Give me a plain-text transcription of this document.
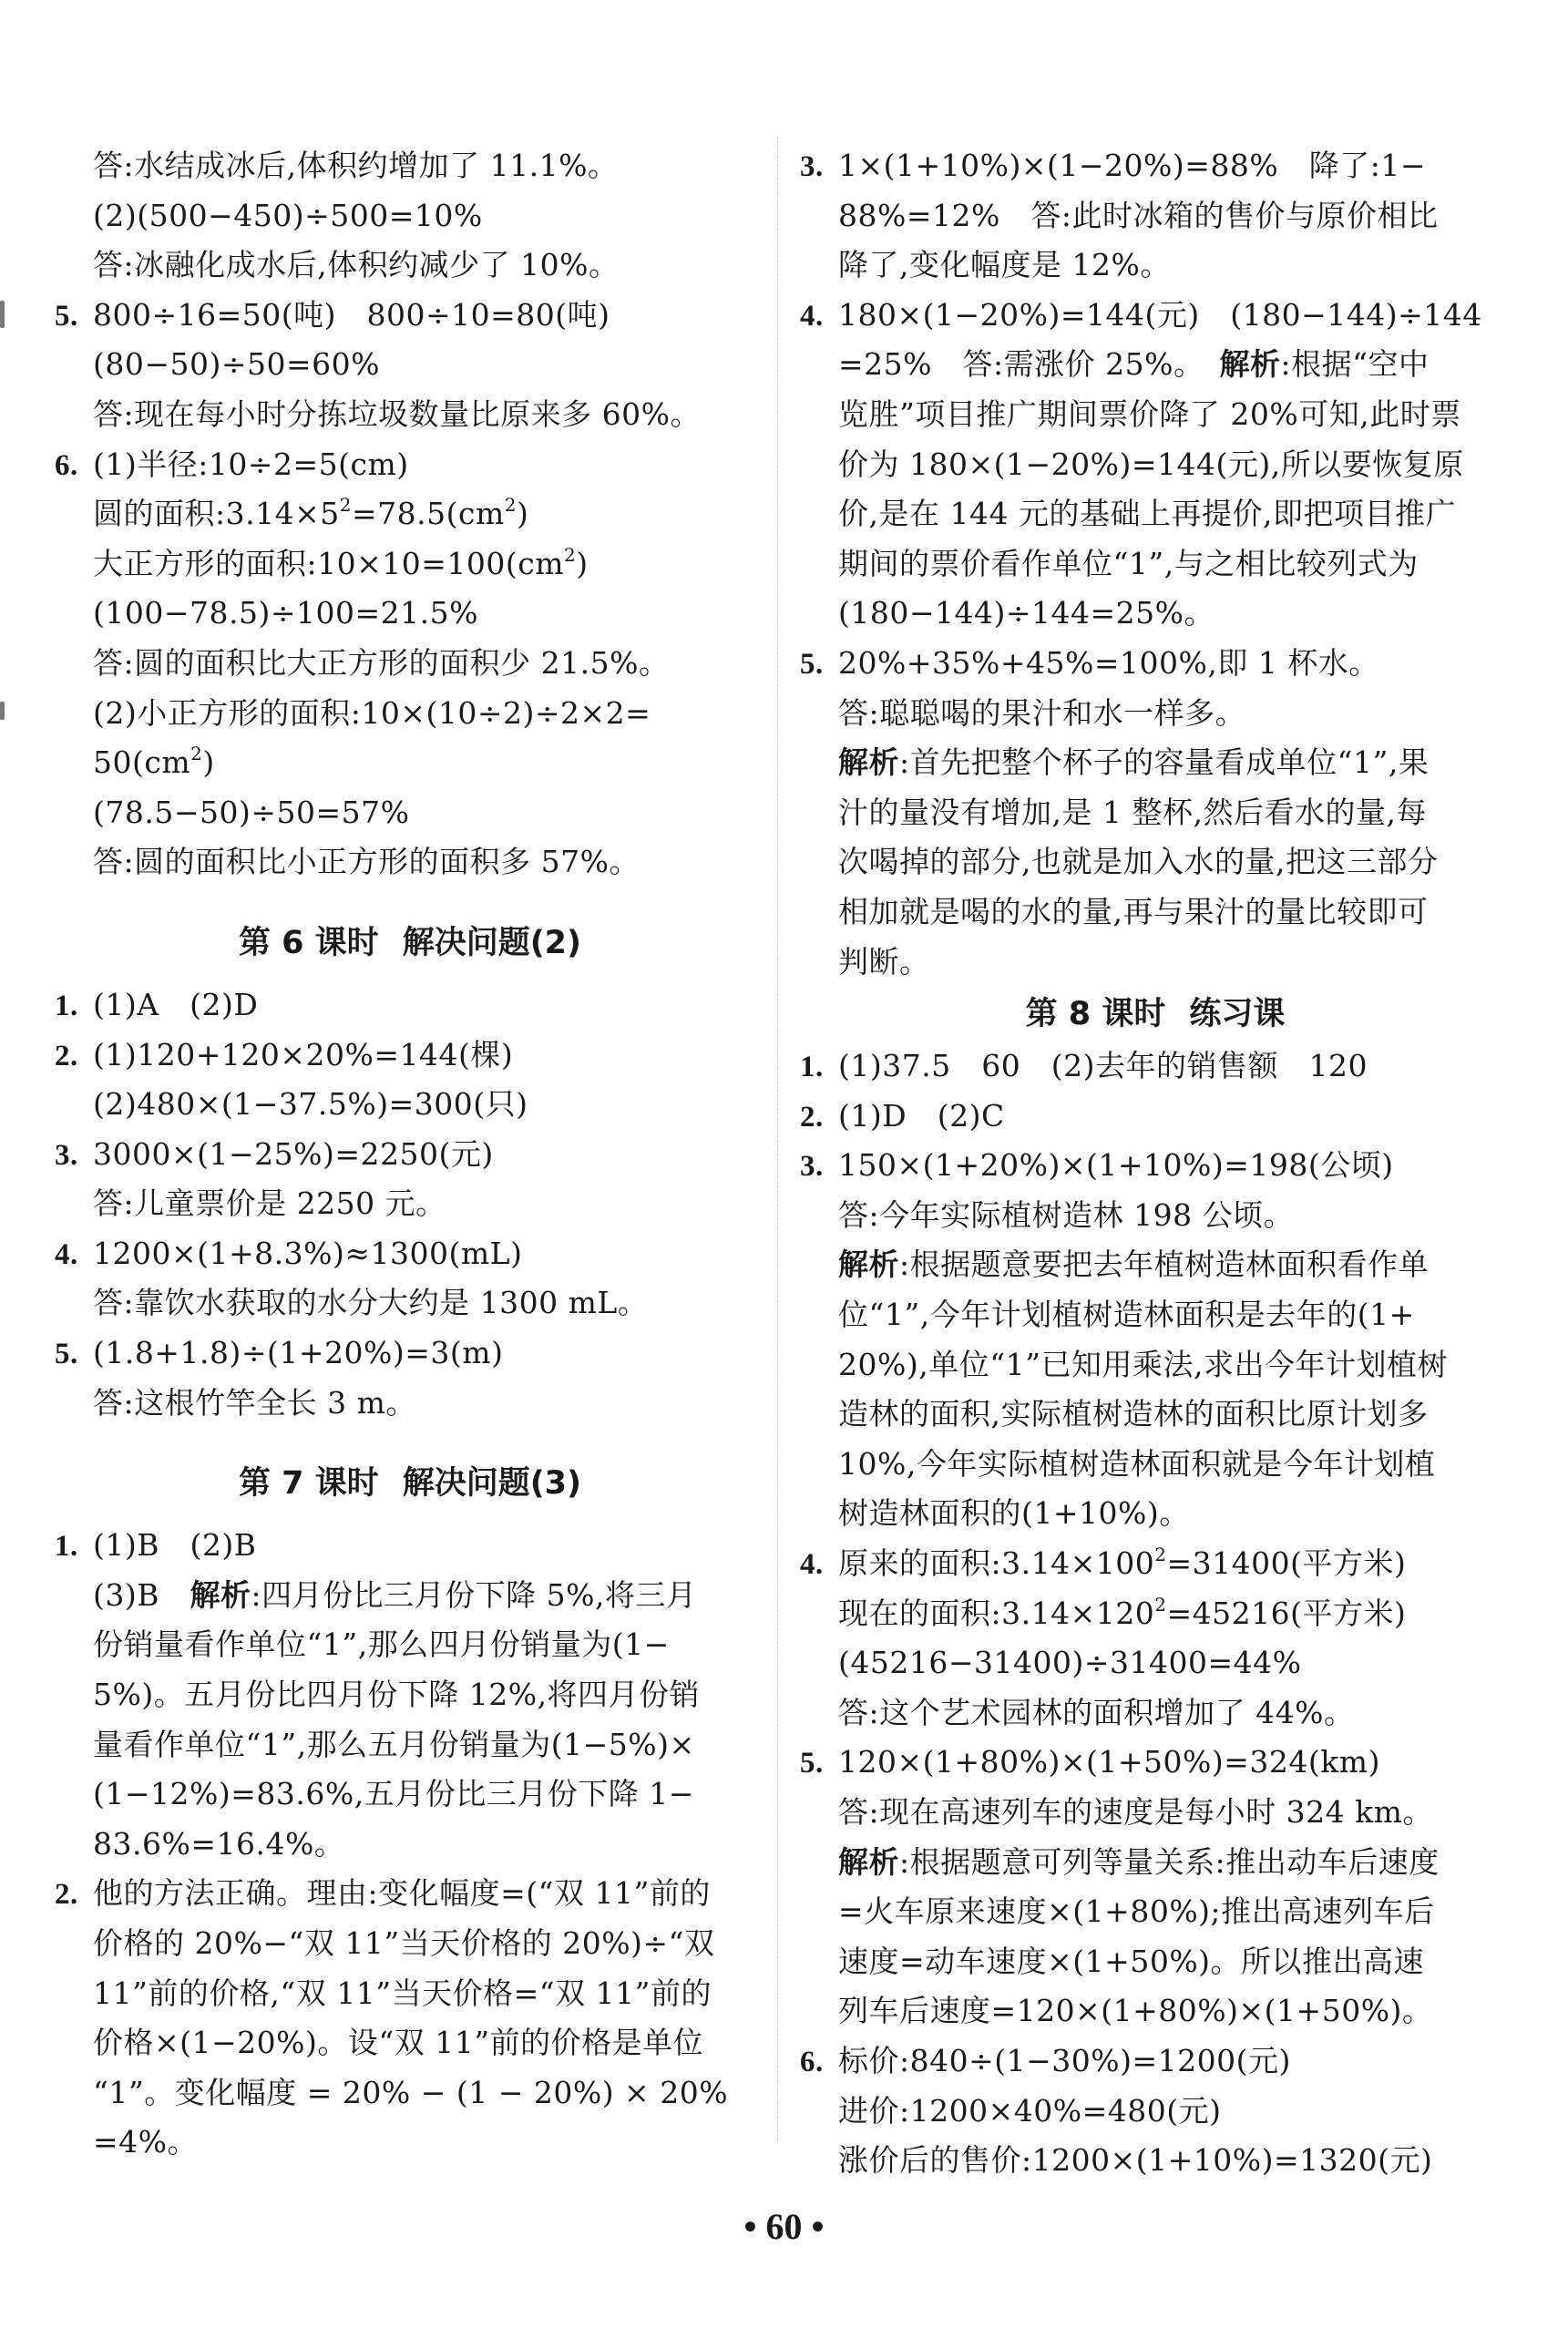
答:水结成冰后,体积约增加了 11.1%。
(2)(500−450)÷500=10%
答:冰融化成水后,体积约减少了 10%。
5. 800÷16=50(吨)　800÷10=80(吨)
(80−50)÷50=60%
答:现在每小时分拣垃圾数量比原来多 60%。
6. (1)半径:10÷2=5(cm)
圆的面积$:3.14\times 5^2=78.5(cm^2)$
大正方形的面积$:10\times 10=100(cm^2)$
(100−78.5)÷100=21.5%
答:圆的面积比大正方形的面积少 21.5%。
(2)小正方形的面积:10×(10÷2)÷2×2=
$50(cm^2)$
(78.5−50)÷50=57%
答:圆的面积比小正方形的面积多 57%。
第 6 课时 解决问题(2)
1. (1)A　(2)D
2. (1)120+120×20%=144(棵)
(2)480×(1−37.5%)=300(只)
3. 3000×(1−25%)=2250(元)
答:儿童票价是 2250 元。
4. 1200×(1+8.3%)≈1300(mL)
答:靠饮水获取的水分大约是 1300 mL。
5. (1.8+1.8)÷(1+20%)=3(m)
答:这根竹竿全长 3 m。
第 7 课时 解决问题(3)
1. (1)B　(2)B
(3)B　解析:四月份比三月份下降 5%,将三月
份销量看作单位“1”,那么四月份销量为(1−
5%)。五月份比四月份下降 12%,将四月份销
量看作单位“1”,那么五月份销量为(1−5%)×
(1−12%)=83.6%,五月份比三月份下降 1−
83.6%=16.4%。
2. 他的方法正确。理由:变化幅度=(“双 11”前的
价格的 20%−“双 11”当天价格的 20%)÷“双
11”前的价格,“双 11”当天价格=“双 11”前的
价格×(1−20%)。设“双 11”前的价格是单位
“1”。变化幅度 = 20% − (1 − 20%) × 20%
=4%。
3. 1×(1+10%)×(1−20%)=88%　降了:1−
88%=12%　答:此时冰箱的售价与原价相比
降了,变化幅度是 12%。
4. 180×(1−20%)=144(元)　(180−144)÷144
=25%　答:需涨价 25%。　解析:根据“空中
览胜”项目推广期间票价降了 20%可知,此时票
价为 180×(1−20%)=144(元),所以要恢复原
价,是在 144 元的基础上再提价,即把项目推广
期间的票价看作单位“1”,与之相比较列式为
(180−144)÷144=25%。
5. 20%+35%+45%=100%,即 1 杯水。
答:聪聪喝的果汁和水一样多。
解析:首先把整个杯子的容量看成单位“1”,果
汁的量没有增加,是 1 整杯,然后看水的量,每
次喝掉的部分,也就是加入水的量,把这三部分
相加就是喝的水的量,再与果汁的量比较即可
判断。
第 8 课时 练习课
1. (1)37.5　60　(2)去年的销售额　120
2. (1)D　(2)C
3. 150×(1+20%)×(1+10%)=198(公顷)
答:今年实际植树造林 198 公顷。
解析:根据题意要把去年植树造林面积看作单
位“1”,今年计划植树造林面积是去年的(1+
20%),单位“1”已知用乘法,求出今年计划植树
造林的面积,实际植树造林的面积比原计划多
10%,今年实际植树造林面积就是今年计划植
树造林面积的(1+10%)。
4. 原来的面积$:3.14\times 100^2=31400$(平方米)
现在的面积$:3.14\times 120^2=45216$(平方米)
(45216−31400)÷31400=44%
答:这个艺术园林的面积增加了 44%。
5. 120×(1+80%)×(1+50%)=324(km)
答:现在高速列车的速度是每小时 324 km。
解析:根据题意可列等量关系:推出动车后速度
=火车原来速度×(1+80%);推出高速列车后
速度=动车速度×(1+50%)。所以推出高速
列车后速度=120×(1+80%)×(1+50%)。
6. 标价:840÷(1−30%)=1200(元)
进价:1200×40%=480(元)
涨价后的售价:1200×(1+10%)=1320(元)
• 60 •
